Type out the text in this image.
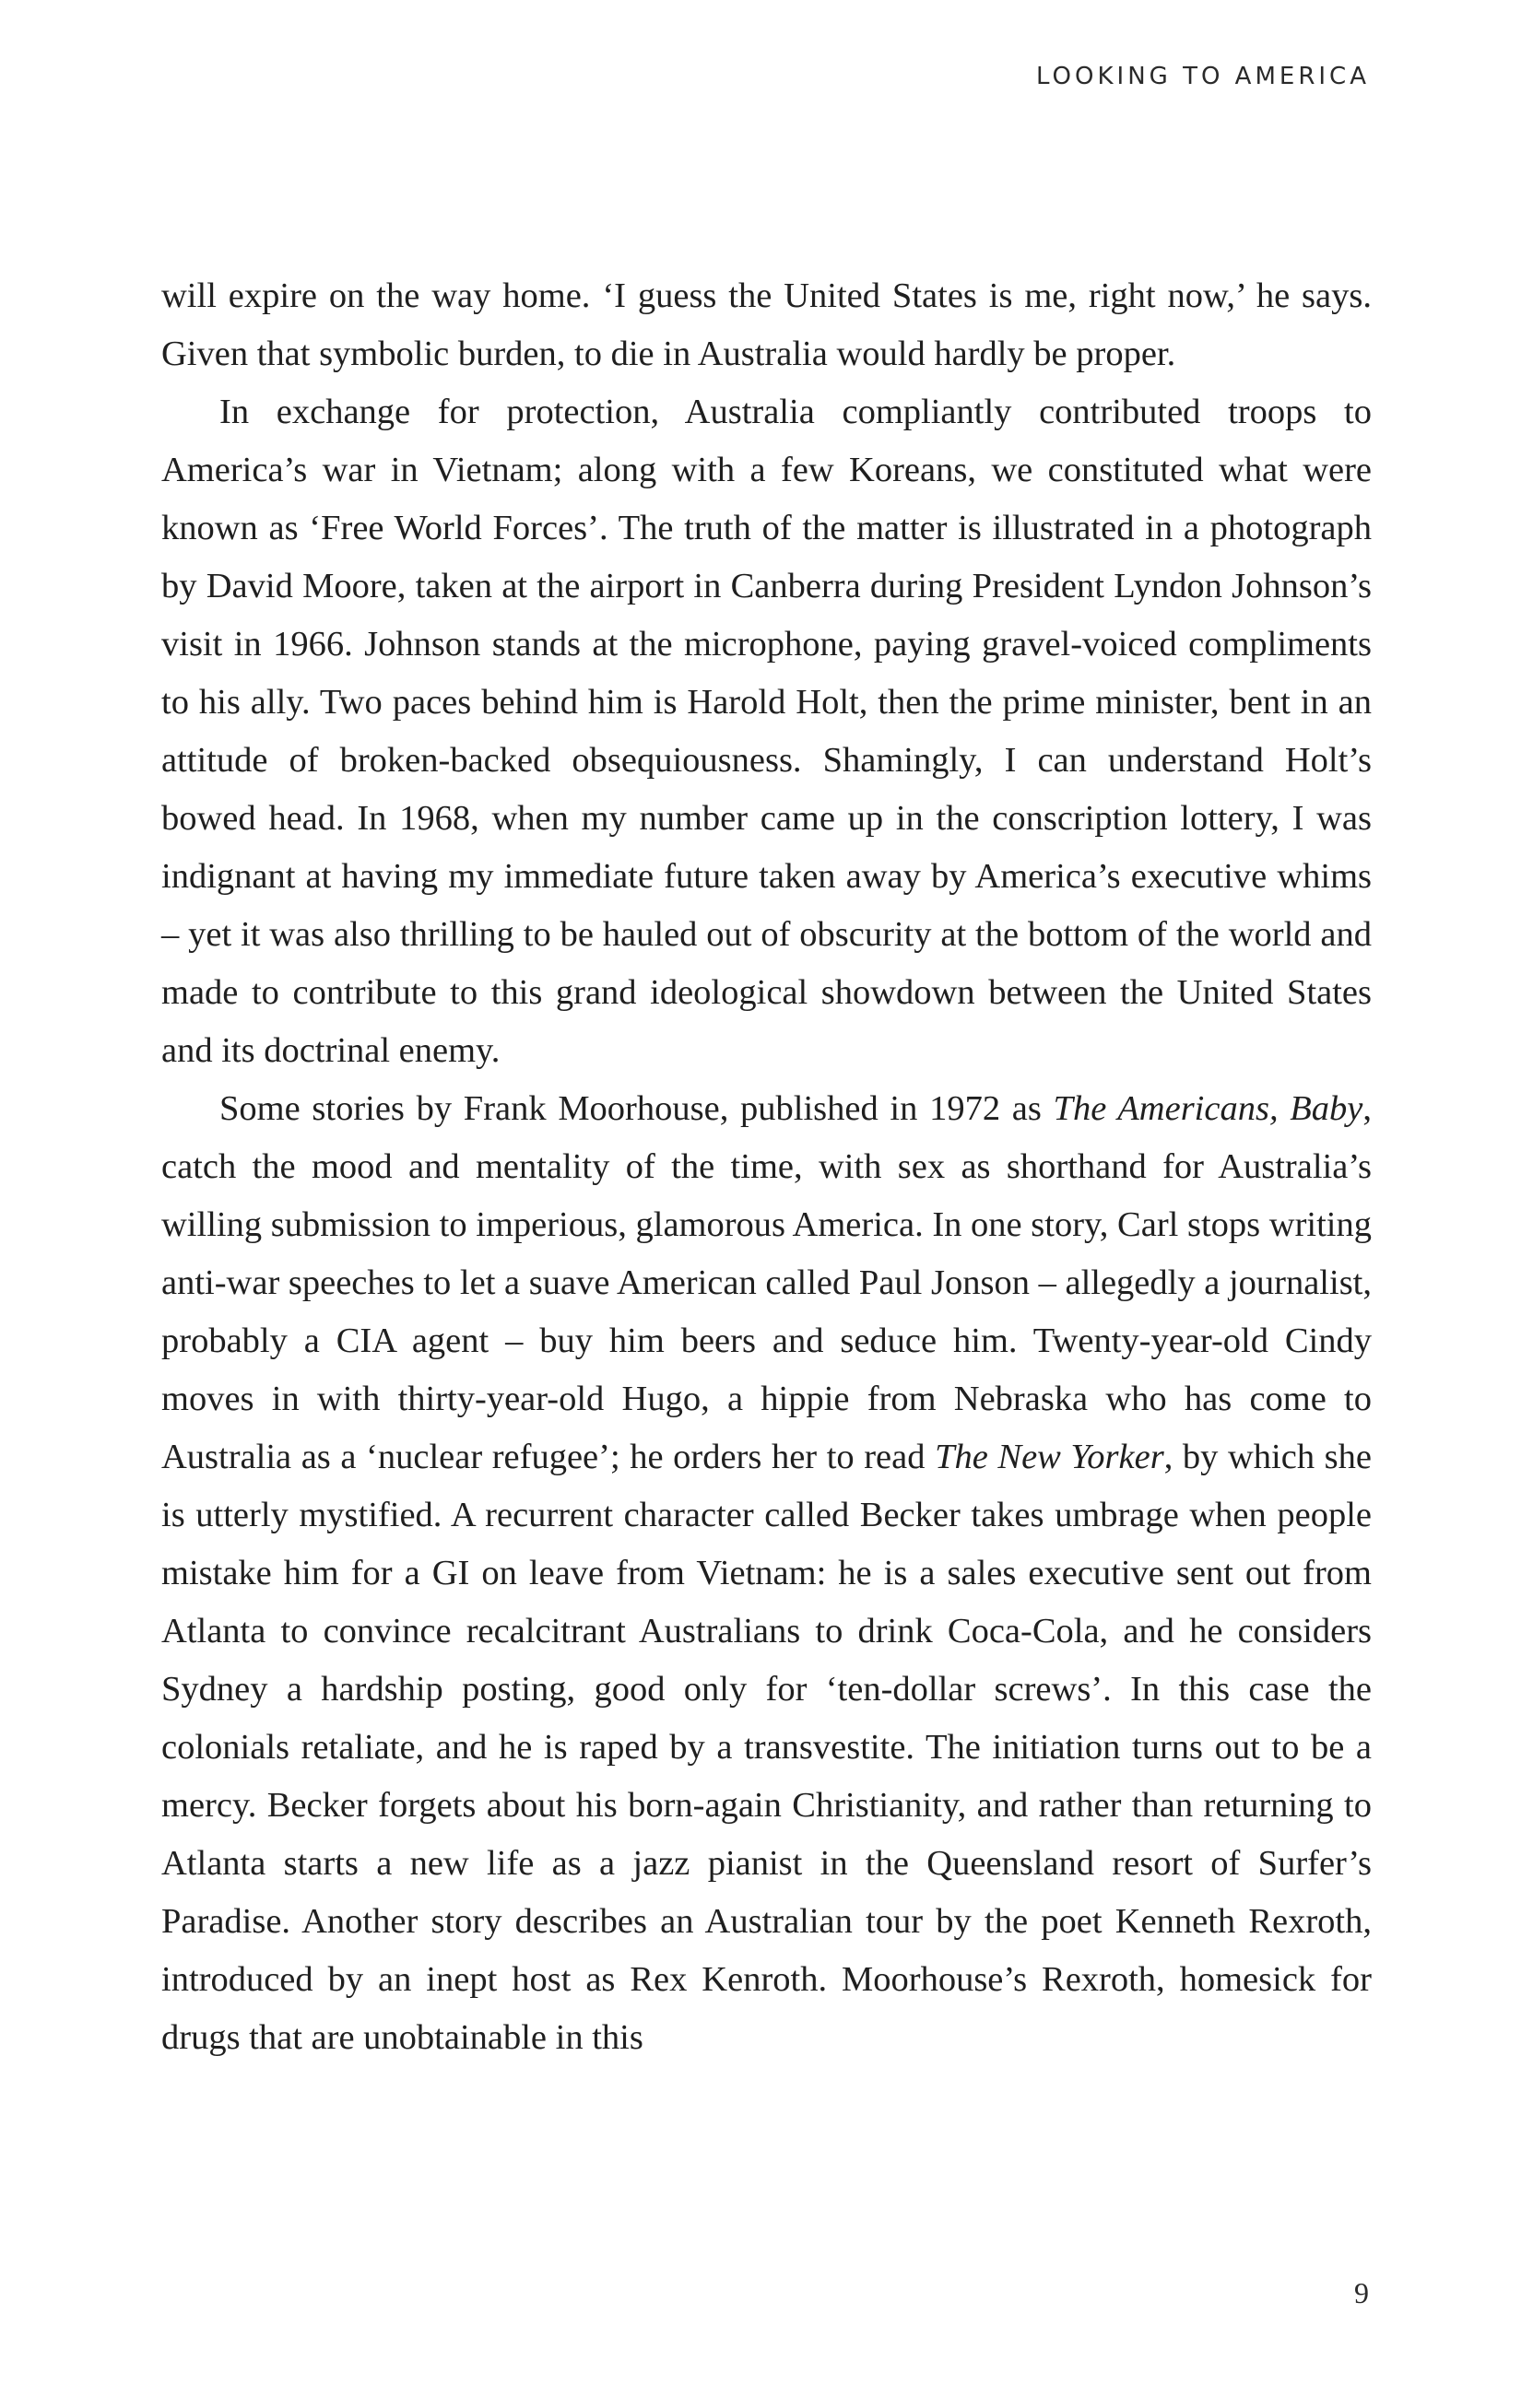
LOOKING TO AMERICA

will expire on the way home. ‘I guess the United States is me, right now,’ he says. Given that symbolic burden, to die in Australia would hardly be proper.

In exchange for protection, Australia compliantly contributed troops to America’s war in Vietnam; along with a few Koreans, we constituted what were known as ‘Free World Forces’. The truth of the matter is illustrated in a photograph by David Moore, taken at the airport in Canberra during President Lyndon Johnson’s visit in 1966. Johnson stands at the microphone, paying gravel-voiced compliments to his ally. Two paces behind him is Harold Holt, then the prime minister, bent in an attitude of broken-backed obsequiousness. Shamingly, I can understand Holt’s bowed head. In 1968, when my number came up in the conscription lottery, I was indignant at having my immediate future taken away by America’s executive whims – yet it was also thrilling to be hauled out of obscurity at the bottom of the world and made to contribute to this grand ideological showdown between the United States and its doctrinal enemy.

Some stories by Frank Moorhouse, published in 1972 as The Americans, Baby, catch the mood and mentality of the time, with sex as shorthand for Australia’s willing submission to imperious, glamorous America. In one story, Carl stops writing anti-war speeches to let a suave American called Paul Jonson – allegedly a journalist, probably a CIA agent – buy him beers and seduce him. Twenty-year-old Cindy moves in with thirty-year-old Hugo, a hippie from Nebraska who has come to Australia as a ‘nuclear refugee’; he orders her to read The New Yorker, by which she is utterly mystified. A recurrent character called Becker takes umbrage when people mistake him for a GI on leave from Vietnam: he is a sales executive sent out from Atlanta to convince recalcitrant Australians to drink Coca-Cola, and he considers Sydney a hardship posting, good only for ‘ten-dollar screws’. In this case the colonials retaliate, and he is raped by a transvestite. The initiation turns out to be a mercy. Becker forgets about his born-again Christianity, and rather than returning to Atlanta starts a new life as a jazz pianist in the Queensland resort of Surfer’s Paradise. Another story describes an Australian tour by the poet Kenneth Rexroth, introduced by an inept host as Rex Kenroth. Moorhouse’s Rexroth, homesick for drugs that are unobtainable in this

9
